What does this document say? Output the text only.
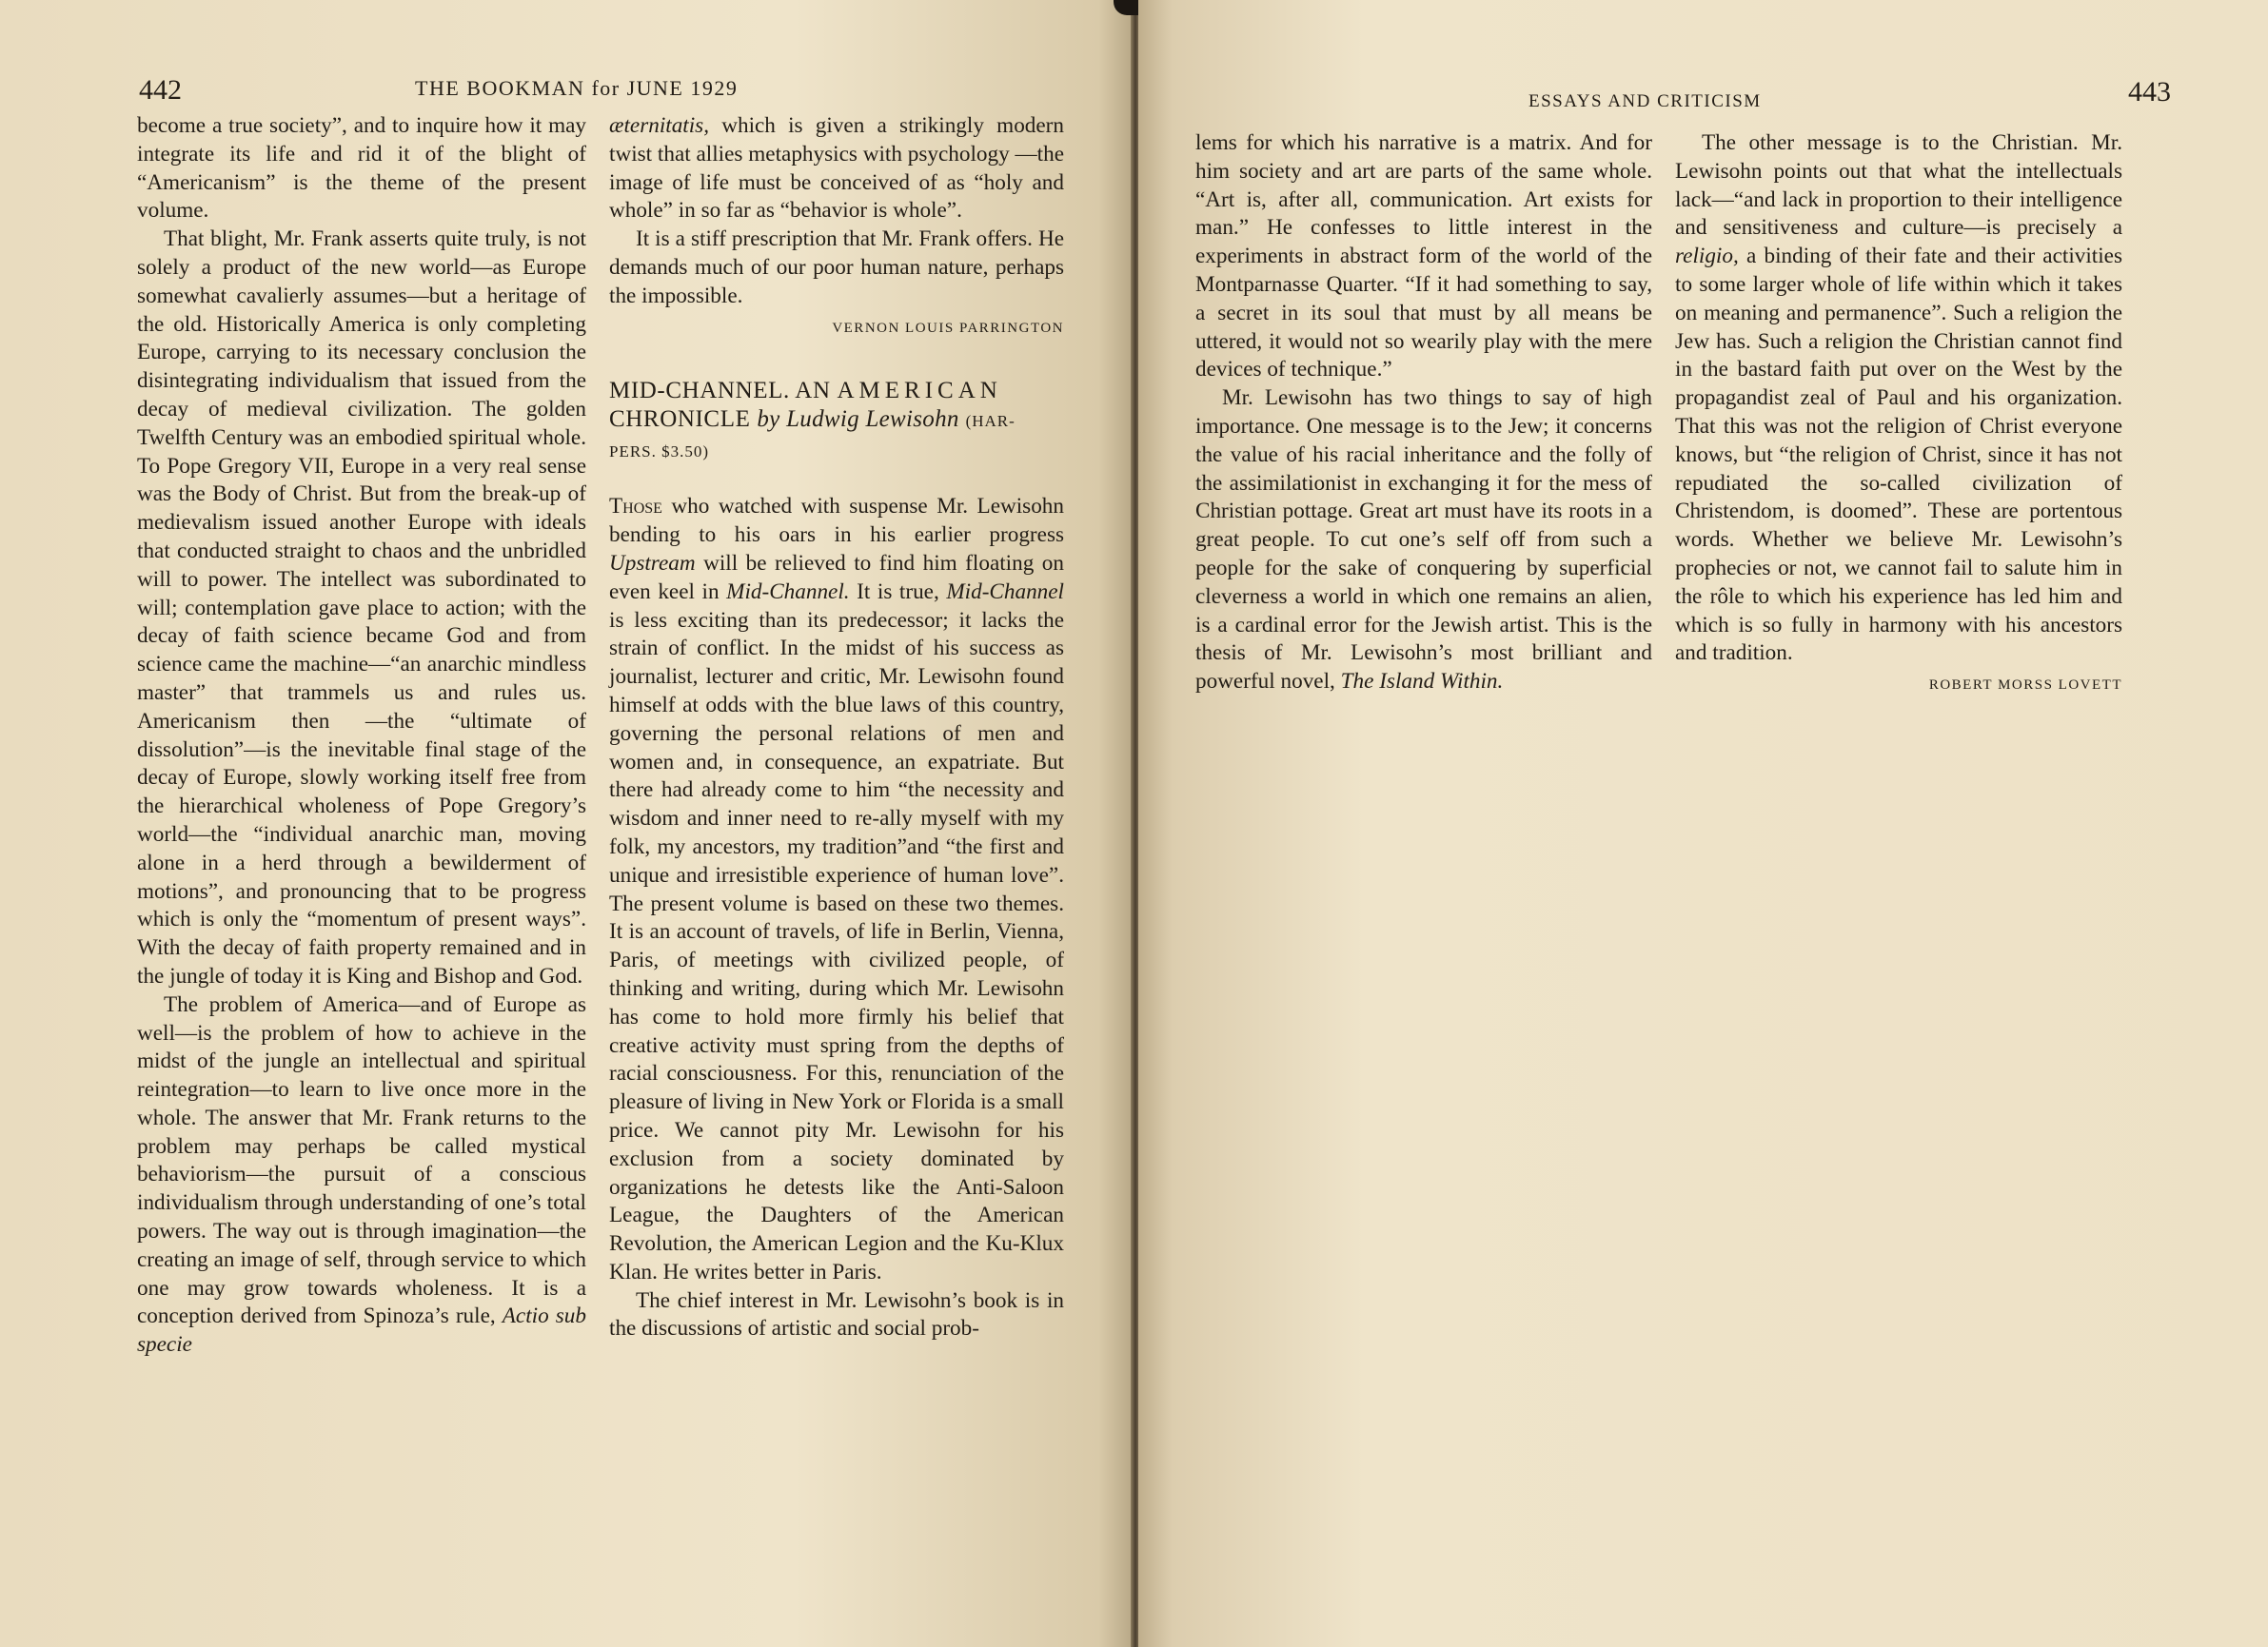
442	THE BOOKMAN for JUNE 1929

become a true society”, and to inquire how it may integrate its life and rid it of the blight of “Americanism” is the theme of the present volume.

That blight, Mr. Frank asserts quite truly, is not solely a product of the new world—as Europe somewhat cavalierly assumes—but a heritage of the old. Historically America is only completing Europe, carrying to its necessary conclusion the disintegrating individualism that issued from the decay of medieval civilization. The golden Twelfth Century was an embodied spiritual whole. To Pope Gregory VII, Europe in a very real sense was the Body of Christ. But from the break-up of medievalism issued another Europe with ideals that conducted straight to chaos and the unbridled will to power. The intellect was subordinated to will; contemplation gave place to action; with the decay of faith science became God and from science came the machine—“an anarchic mindless master” that trammels us and rules us. Americanism then —the “ultimate of dissolution”—is the inevitable final stage of the decay of Europe, slowly working itself free from the hierarchical wholeness of Pope Gregory’s world—the “individual anarchic man, moving alone in a herd through a bewilderment of motions”, and pronouncing that to be progress which is only the “momentum of present ways”. With the decay of faith property remained and in the jungle of today it is King and Bishop and God.

The problem of America—and of Europe as well—is the problem of how to achieve in the midst of the jungle an intellectual and spiritual reintegration—to learn to live once more in the whole. The answer that Mr. Frank returns to the problem may perhaps be called mystical behaviorism—the pursuit of a conscious individualism through understanding of one’s total powers. The way out is through imagination—the creating an image of self, through service to which one may grow towards wholeness. It is a conception derived from Spinoza’s rule, Actio sub specie

æternitatis, which is given a strikingly modern twist that allies metaphysics with psychology —the image of life must be conceived of as “holy and whole” in so far as “behavior is whole”.

It is a stiff prescription that Mr. Frank offers. He demands much of our poor human nature, perhaps the impossible.

VERNON LOUIS PARRINGTON
MID-CHANNEL. AN AMERICAN
CHRONICLE by Ludwig Lewisohn (HAR-
PERS. $3.50)

Those who watched with suspense Mr. Lewisohn bending to his oars in his earlier progress Upstream will be relieved to find him floating on even keel in Mid-Channel. It is true, Mid-Channel is less exciting than its predecessor; it lacks the strain of conflict. In the midst of his success as journalist, lecturer and critic, Mr. Lewisohn found himself at odds with the blue laws of this country, governing the personal relations of men and women and, in consequence, an expatriate. But there had already come to him “the necessity and wisdom and inner need to re-ally myself with my folk, my ancestors, my tradition”and “the first and unique and irresistible experience of human love”. The present volume is based on these two themes. It is an account of travels, of life in Berlin, Vienna, Paris, of meetings with civilized people, of thinking and writing, during which Mr. Lewisohn has come to hold more firmly his belief that creative activity must spring from the depths of racial consciousness. For this, renunciation of the pleasure of living in New York or Florida is a small price. We cannot pity Mr. Lewisohn for his exclusion from a society dominated by organizations he detests like the Anti-Saloon League, the Daughters of the American Revolution, the American Legion and the Ku-Klux Klan. He writes better in Paris.

The chief interest in Mr. Lewisohn’s book is in the discussions of artistic and social prob-

ESSAYS AND CRITICISM	443

lems for which his narrative is a matrix. And for him society and art are parts of the same whole. “Art is, after all, communication. Art exists for man.” He confesses to little interest in the experiments in abstract form of the world of the Montparnasse Quarter. “If it had something to say, a secret in its soul that must by all means be uttered, it would not so wearily play with the mere devices of technique.”

Mr. Lewisohn has two things to say of high importance. One message is to the Jew; it concerns the value of his racial inheritance and the folly of the assimilationist in exchanging it for the mess of Christian pottage. Great art must have its roots in a great people. To cut one’s self off from such a people for the sake of conquering by superficial cleverness a world in which one remains an alien, is a cardinal error for the Jewish artist. This is the thesis of Mr. Lewisohn’s most brilliant and powerful novel, The Island Within.

The other message is to the Christian. Mr. Lewisohn points out that what the intellectuals lack—“and lack in proportion to their intelligence and sensitiveness and culture—is precisely a religio, a binding of their fate and their activities to some larger whole of life within which it takes on meaning and permanence”. Such a religion the Jew has. Such a religion the Christian cannot find in the bastard faith put over on the West by the propagandist zeal of Paul and his organization. That this was not the religion of Christ everyone knows, but “the religion of Christ, since it has not repudiated the so-called civilization of Christendom, is doomed”. These are portentous words. Whether we believe Mr. Lewisohn’s prophecies or not, we cannot fail to salute him in the rôle to which his experience has led him and which is so fully in harmony with his ancestors and tradition.

ROBERT MORSS LOVETT
